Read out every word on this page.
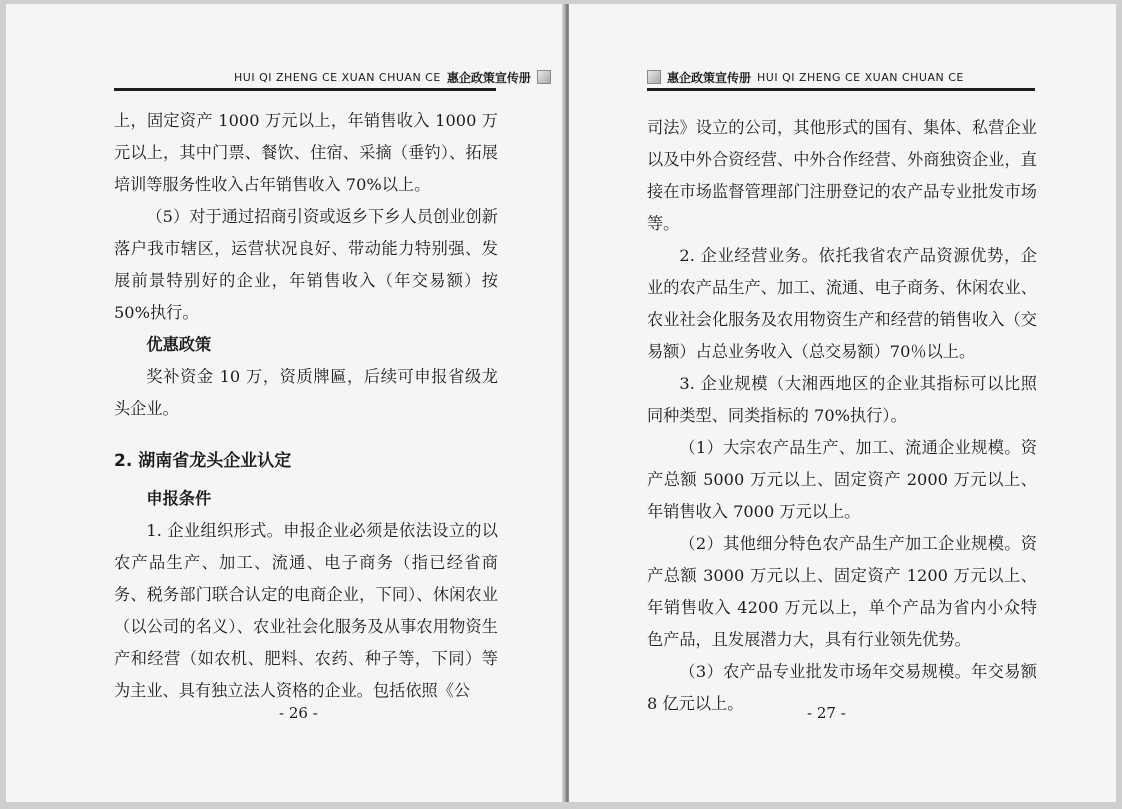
HUI QI ZHENG CE XUAN CHUAN CE 惠企政策宣传册

上，固定资产 1000 万元以上，年销售收入 1000 万元以上，其中门票、餐饮、住宿、采摘（垂钓）、拓展培训等服务性收入占年销售收入 70%以上。

（5）对于通过招商引资或返乡下乡人员创业创新落户我市辖区，运营状况良好、带动能力特别强、发展前景特别好的企业，年销售收入（年交易额）按 50%执行。

优惠政策

奖补资金 10 万，资质牌匾，后续可申报省级龙头企业。

2. 湖南省龙头企业认定

申报条件

1. 企业组织形式。申报企业必须是依法设立的以农产品生产、加工、流通、电子商务（指已经省商务、税务部门联合认定的电商企业，下同）、休闲农业（以公司的名义）、农业社会化服务及从事农用物资生产和经营（如农机、肥料、农药、种子等，下同）等为主业、具有独立法人资格的企业。包括依照《公

- 26 -
惠企政策宣传册 HUI QI ZHENG CE XUAN CHUAN CE

司法》设立的公司，其他形式的国有、集体、私营企业以及中外合资经营、中外合作经营、外商独资企业，直接在市场监督管理部门注册登记的农产品专业批发市场等。

2. 企业经营业务。依托我省农产品资源优势，企业的农产品生产、加工、流通、电子商务、休闲农业、农业社会化服务及农用物资生产和经营的销售收入（交易额）占总业务收入（总交易额）70％以上。

3. 企业规模（大湘西地区的企业其指标可以比照同种类型、同类指标的 70%执行）。

（1）大宗农产品生产、加工、流通企业规模。资产总额 5000 万元以上、固定资产 2000 万元以上、年销售收入 7000 万元以上。

（2）其他细分特色农产品生产加工企业规模。资产总额 3000 万元以上、固定资产 1200 万元以上、年销售收入 4200 万元以上，单个产品为省内小众特色产品，且发展潜力大，具有行业领先优势。

（3）农产品专业批发市场年交易规模。年交易额 8 亿元以上。	- 27 -
